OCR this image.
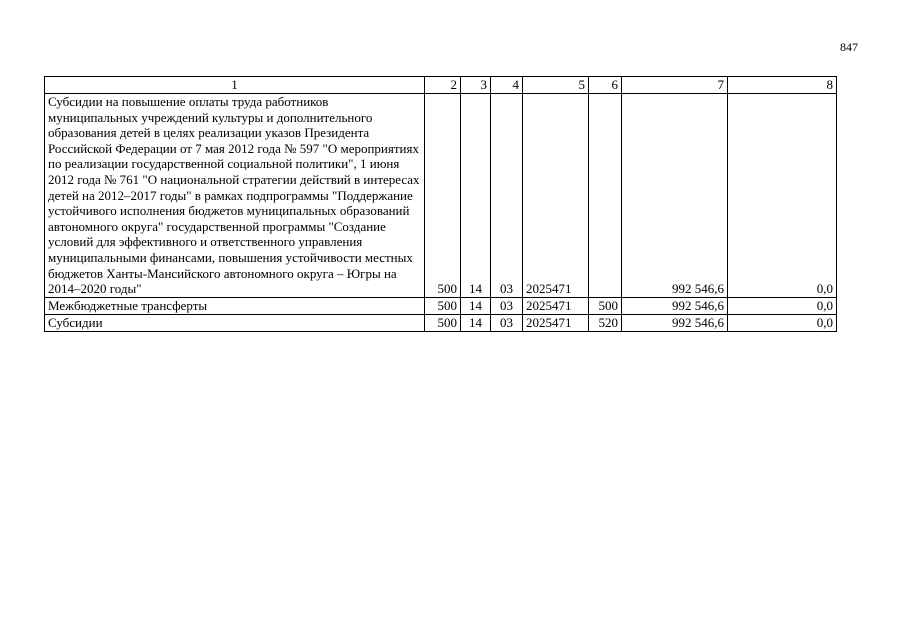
847
1	2	3	4	5	6	7	8
Субсидии на повышение оплаты труда работников муниципальных учреждений культуры и дополнительного образования детей в целях реализации указов Президента Российской Федерации от 7 мая 2012 года № 597 "О мероприятиях по реализации государственной социальной политики", 1 июня 2012 года № 761 "О национальной стратегии действий в интересах детей на 2012–2017 годы" в рамках подпрограммы "Поддержание устойчивого исполнения бюджетов муниципальных образований автономного округа" государственной программы "Создание условий для эффективного и ответственного управления муниципальными финансами, повышения устойчивости местных бюджетов Ханты-Мансийского автономного округа – Югры на 2014–2020 годы"	500	14	03	2025471		992 546,6	0,0
Межбюджетные трансферты	500	14	03	2025471	500	992 546,6	0,0
Субсидии	500	14	03	2025471	520	992 546,6	0,0
